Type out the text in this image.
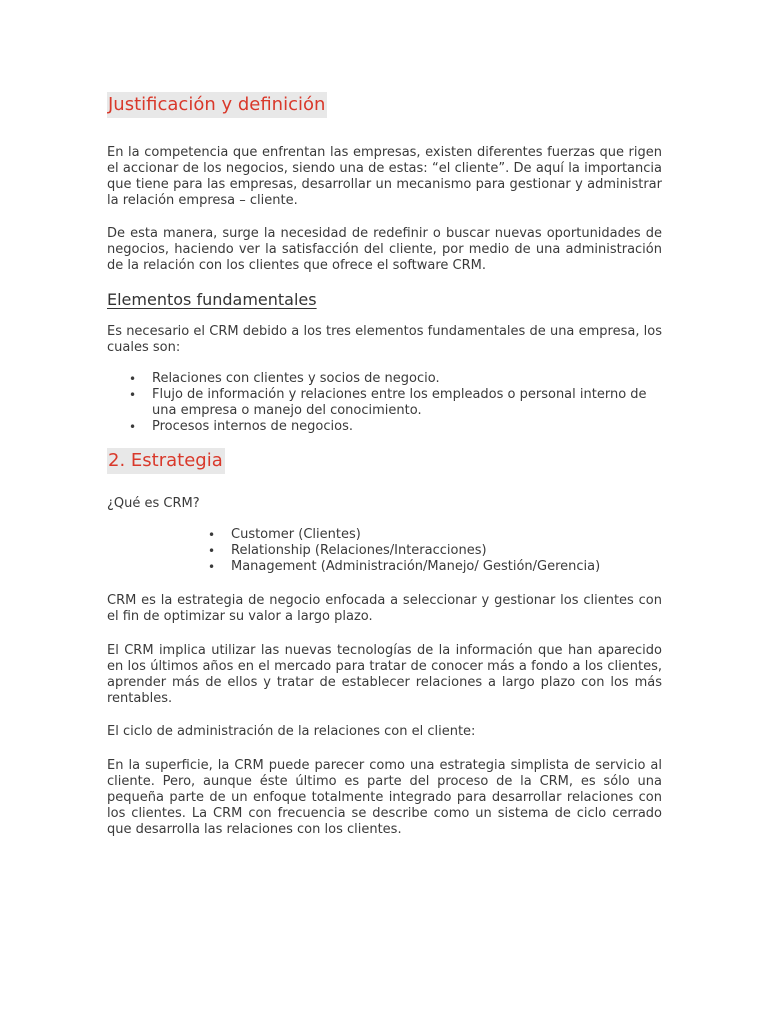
Justificación y definición

En la competencia que enfrentan las empresas, existen diferentes fuerzas que rigen el accionar de los negocios, siendo una de estas: “el cliente”. De aquí la importancia que tiene para las empresas, desarrollar un mecanismo para gestionar y administrar la relación empresa – cliente.

De esta manera, surge la necesidad de redefinir o buscar nuevas oportunidades de negocios, haciendo ver la satisfacción del cliente, por medio de una administración de la relación con los clientes que ofrece el software CRM.

Elementos fundamentales

Es necesario el CRM debido a los tres elementos fundamentales de una empresa, los cuales son:

• Relaciones con clientes y socios de negocio.
• Flujo de información y relaciones entre los empleados o personal interno de una empresa o manejo del conocimiento.
• Procesos internos de negocios.
2. Estrategia

¿Qué es CRM?

• Customer (Clientes)
• Relationship (Relaciones/Interacciones)
• Management (Administración/Manejo/ Gestión/Gerencia)

CRM es la estrategia de negocio enfocada a seleccionar y gestionar los clientes con el fin de optimizar su valor a largo plazo.

El CRM implica utilizar las nuevas tecnologías de la información que han aparecido en los últimos años en el mercado para tratar de conocer más a fondo a los clientes, aprender más de ellos y tratar de establecer relaciones a largo plazo con los más rentables.

El ciclo de administración de la relaciones con el cliente:

En la superficie, la CRM puede parecer como una estrategia simplista de servicio al cliente. Pero, aunque éste último es parte del proceso de la CRM, es sólo una pequeña parte de un enfoque totalmente integrado para desarrollar relaciones con los clientes. La CRM con frecuencia se describe como un sistema de ciclo cerrado que desarrolla las relaciones con los clientes.
